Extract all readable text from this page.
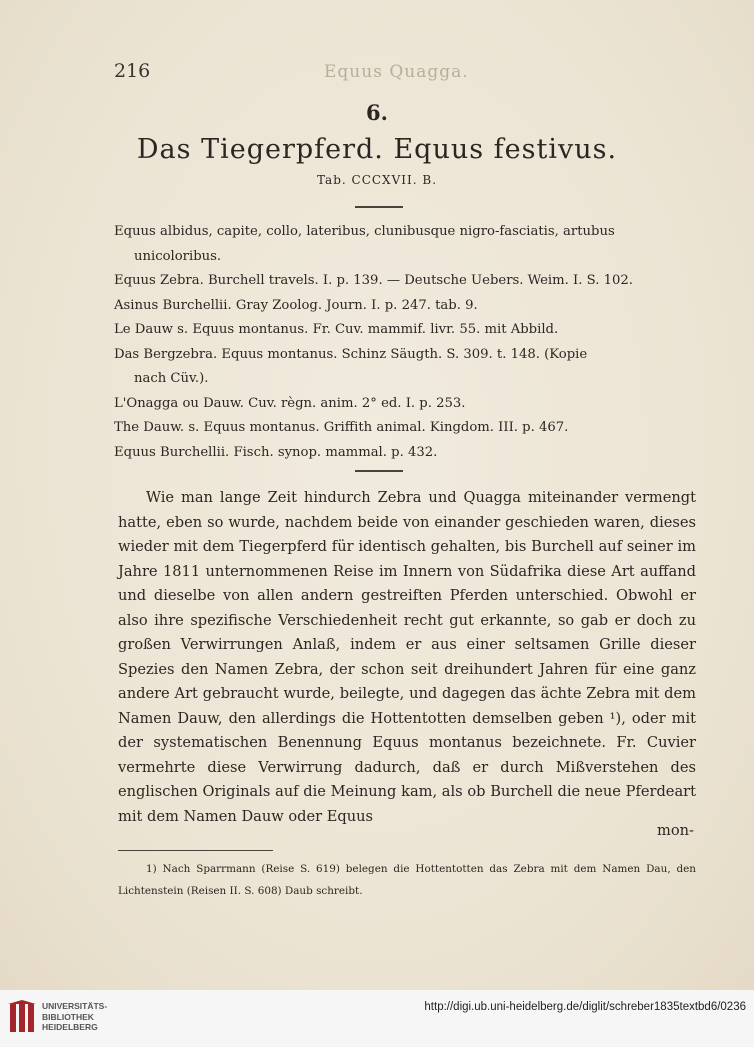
216	Equus Quagga.
6.
Das Tiegerpferd. Equus festivus.
Tab. CCCXVII. B.
Equus albidus, capite, collo, lateribus, clunibusque nigro-fasciatis, artubus
unicoloribus.
Equus Zebra. Burchell travels. I. p. 139. — Deutsche Uebers. Weim. I. S. 102.
Asinus Burchellii. Gray Zoolog. Journ. I. p. 247. tab. 9.
Le Dauw s. Equus montanus. Fr. Cuv. mammif. livr. 55. mit Abbild.
Das Bergzebra. Equus montanus. Schinz Säugth. S. 309. t. 148. (Kopie
nach Cüv.).
L'Onagga ou Dauw. Cuv. règn. anim. 2° ed. I. p. 253.
The Dauw. s. Equus montanus. Griffith animal. Kingdom. III. p. 467.
Equus Burchellii. Fisch. synop. mammal. p. 432.

Wie man lange Zeit hindurch Zebra und Quagga miteinander vermengt hatte, eben so wurde, nachdem beide von einander geschieden waren, dieses wieder mit dem Tiegerpferd für identisch gehalten, bis Burchell auf seiner im Jahre 1811 unternommenen Reise im Innern von Südafrika diese Art auffand und dieselbe von allen andern gestreiften Pferden unterschied. Obwohl er also ihre spezifische Verschiedenheit recht gut erkannte, so gab er doch zu großen Verwirrungen Anlaß, indem er aus einer seltsamen Grille dieser Spezies den Namen Zebra, der schon seit dreihundert Jahren für eine ganz andere Art gebraucht wurde, beilegte, und dagegen das ächte Zebra mit dem Namen Dauw, den allerdings die Hottentotten demselben geben ¹), oder mit der systematischen Benennung Equus montanus bezeichnete. Fr. Cuvier vermehrte diese Verwirrung dadurch, daß er durch Mißverstehen des englischen Originals auf die Meinung kam, als ob Burchell die neue Pferdeart mit dem Namen Dauw oder Equus

mon-

1) Nach Sparrmann (Reise S. 619) belegen die Hottentotten das Zebra mit dem Namen Dau, den Lichtenstein (Reisen II. S. 608) Daub schreibt.

UNIVERSITÄTS-
BIBLIOTHEK
HEIDELBERG
http://digi.ub.uni-heidelberg.de/diglit/schreber1835textbd6/0236
